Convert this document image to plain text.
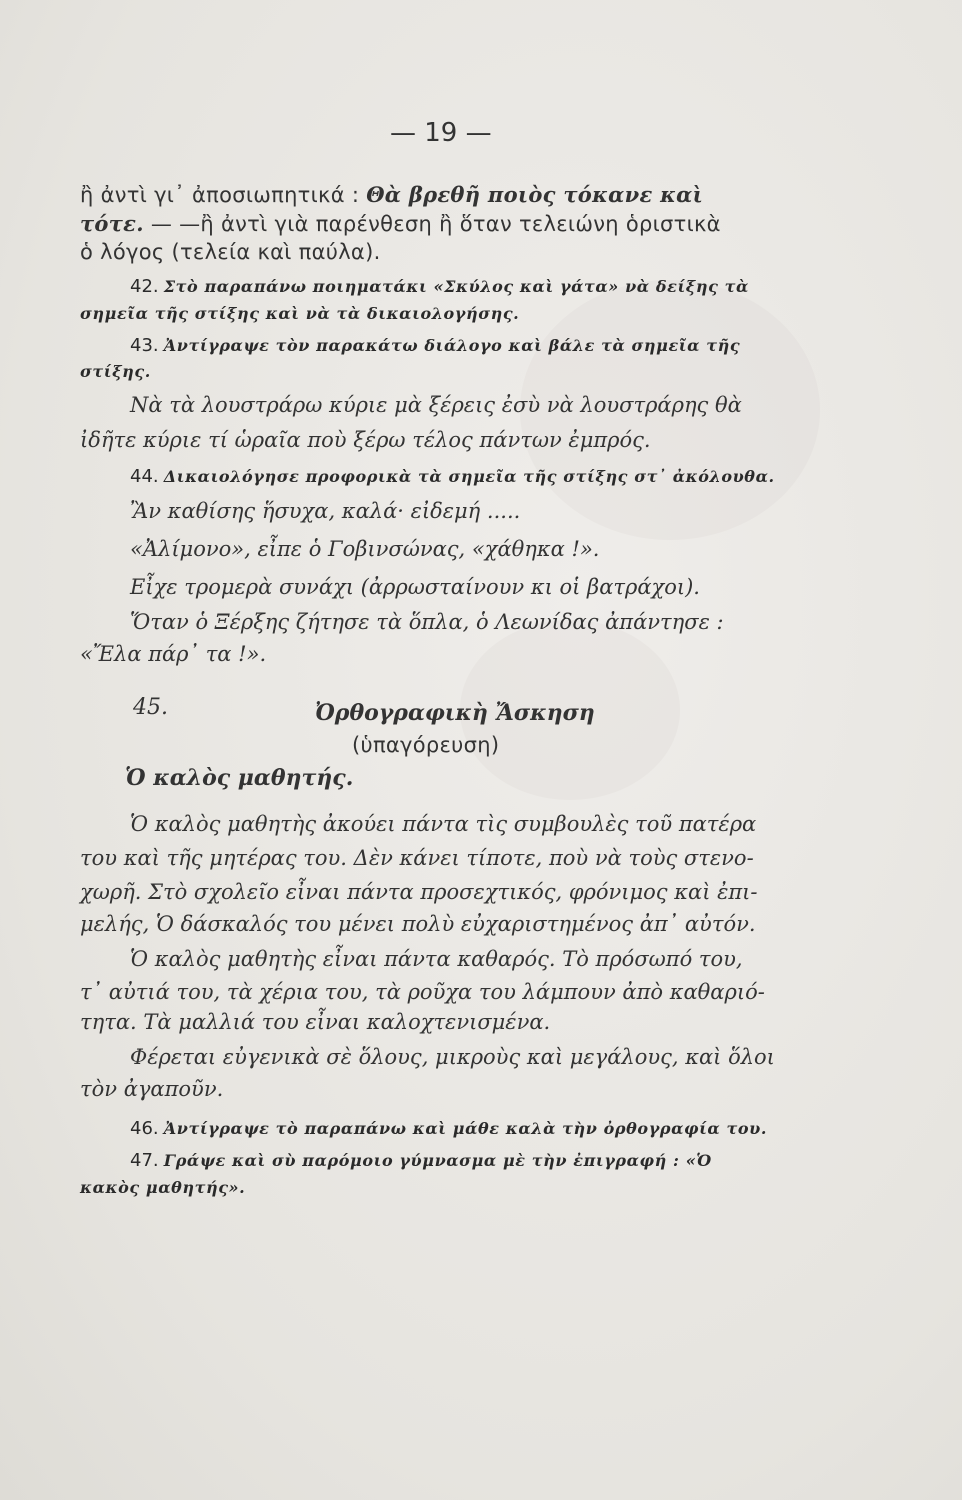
— 19 —
ἢ ἀντὶ γι᾽ ἀποσιωπητικά : Θὰ βρεθῆ ποιὸς τόκανε καὶ
τότε. — —ἢ ἀντὶ γιὰ παρένθεση ἢ ὅταν τελειώνη ὁριστικὰ
ὁ λόγος (τελεία καὶ παύλα).
42. Στὸ παραπάνω ποιηματάκι «Σκύλος καὶ γάτα» νὰ δείξης τὰ
σημεῖα τῆς στίξης καὶ νὰ τὰ δικαιολογήσης.
43. Ἀντίγραψε τὸν παρακάτω διάλογο καὶ βάλε τὰ σημεῖα τῆς
στίξης.
Νὰ τὰ λουστράρω κύριε μὰ ξέρεις ἐσὺ νὰ λουστράρης θὰ
ἰδῆτε κύριε τί ὡραῖα ποὺ ξέρω τέλος πάντων ἐμπρός.
44. Δικαιολόγησε προφορικὰ τὰ σημεῖα τῆς στίξης στ᾽ ἀκόλουθα.
Ἂν καθίσης ἥσυχα, καλά· εἰδεμή .....
«Ἀλίμονο», εἶπε ὁ Γοβινσώνας, «χάθηκα !».
Εἶχε τρομερὰ συνάχι (ἀρρωσταίνουν κι οἱ βατράχοι).
Ὅταν ὁ Ξέρξης ζήτησε τὰ ὅπλα, ὁ Λεωνίδας ἀπάντησε :
«Ἔλα πάρ᾽ τα !».
45.	Ὀρθογραφικὴ Ἄσκηση
(ὑπαγόρευση)
Ὁ καλὸς μαθητής.
Ὁ καλὸς μαθητὴς ἀκούει πάντα τὶς συμβουλὲς τοῦ πατέρα
του καὶ τῆς μητέρας του. Δὲν κάνει τίποτε, ποὺ νὰ τοὺς στενο-
χωρῆ. Στὸ σχολεῖο εἶναι πάντα προσεχτικός, φρόνιμος καὶ ἐπι-
μελής, Ὁ δάσκαλός του μένει πολὺ εὐχαριστημένος ἀπ᾽ αὐτόν.
Ὁ καλὸς μαθητὴς εἶναι πάντα καθαρός. Τὸ πρόσωπό του,
τ᾽ αὐτιά του, τὰ χέρια του, τὰ ροῦχα του λάμπουν ἀπὸ καθαριό-
τητα. Τὰ μαλλιά του εἶναι καλοχτενισμένα.
Φέρεται εὐγενικὰ σὲ ὅλους, μικροὺς καὶ μεγάλους, καὶ ὅλοι
τὸν ἀγαποῦν.
46. Ἀντίγραψε τὸ παραπάνω καὶ μάθε καλὰ τὴν ὀρθογραφία του.
47. Γράψε καὶ σὺ παρόμοιο γύμνασμα μὲ τὴν ἐπιγραφή : «Ὁ
κακὸς μαθητής».
